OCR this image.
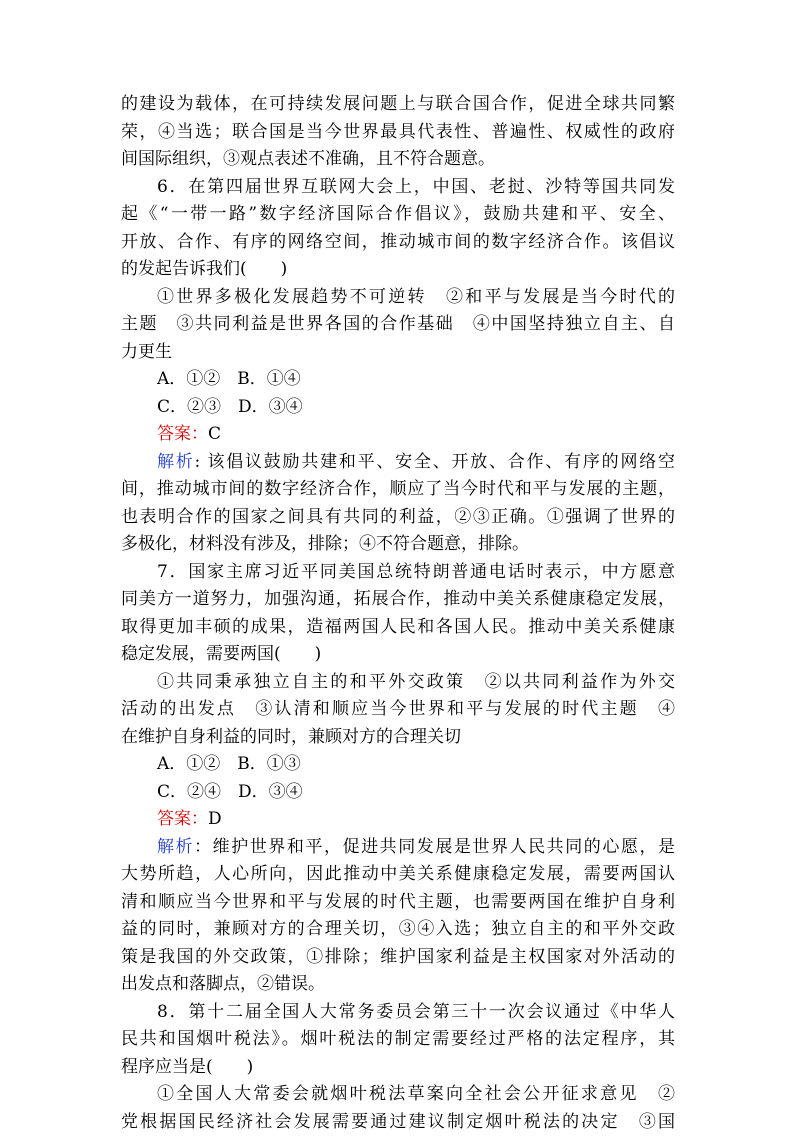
的建设为载体，在可持续发展问题上与联合国合作，促进全球共同繁

荣，④当选；联合国是当今世界最具代表性、普遍性、权威性的政府

间国际组织，③观点表述不准确，且不符合题意。

6．在第四届世界互联网大会上，中国、老挝、沙特等国共同发

起《“一带一路”数字经济国际合作倡议》，鼓励共建和平、安全、

开放、合作、有序的网络空间，推动城市间的数字经济合作。该倡议

的发起告诉我们(　　)

①世界多极化发展趋势不可逆转　②和平与发展是当今时代的

主题　③共同利益是世界各国的合作基础　④中国坚持独立自主、自

力更生

A．①②　B．①④

C．②③　D．③④

答案：C

解析: 该倡议鼓励共建和平、安全、开放、合作、有序的网络空

间，推动城市间的数字经济合作，顺应了当今时代和平与发展的主题，

也表明合作的国家之间具有共同的利益，②③正确。①强调了世界的

多极化，材料没有涉及，排除；④不符合题意，排除。

7．国家主席习近平同美国总统特朗普通电话时表示，中方愿意

同美方一道努力，加强沟通，拓展合作，推动中美关系健康稳定发展，

取得更加丰硕的成果，造福两国人民和各国人民。推动中美关系健康

稳定发展，需要两国(　　)

①共同秉承独立自主的和平外交政策　②以共同利益作为外交

活动的出发点　③认清和顺应当今世界和平与发展的时代主题　④

在维护自身利益的同时，兼顾对方的合理关切

A．①②　B．①③

C．②④　D．③④

答案：D

解析：维护世界和平，促进共同发展是世界人民共同的心愿，是

大势所趋，人心所向，因此推动中美关系健康稳定发展，需要两国认

清和顺应当今世界和平与发展的时代主题，也需要两国在维护自身利

益的同时，兼顾对方的合理关切，③④入选；独立自主的和平外交政

策是我国的外交政策，①排除；维护国家利益是主权国家对外活动的

出发点和落脚点，②错误。

8．第十二届全国人大常务委员会第三十一次会议通过《中华人

民共和国烟叶税法》。烟叶税法的制定需要经过严格的法定程序，其

程序应当是(　　)

①全国人大常委会就烟叶税法草案向全社会公开征求意见　②

党根据国民经济社会发展需要通过建议制定烟叶税法的决定　③国
